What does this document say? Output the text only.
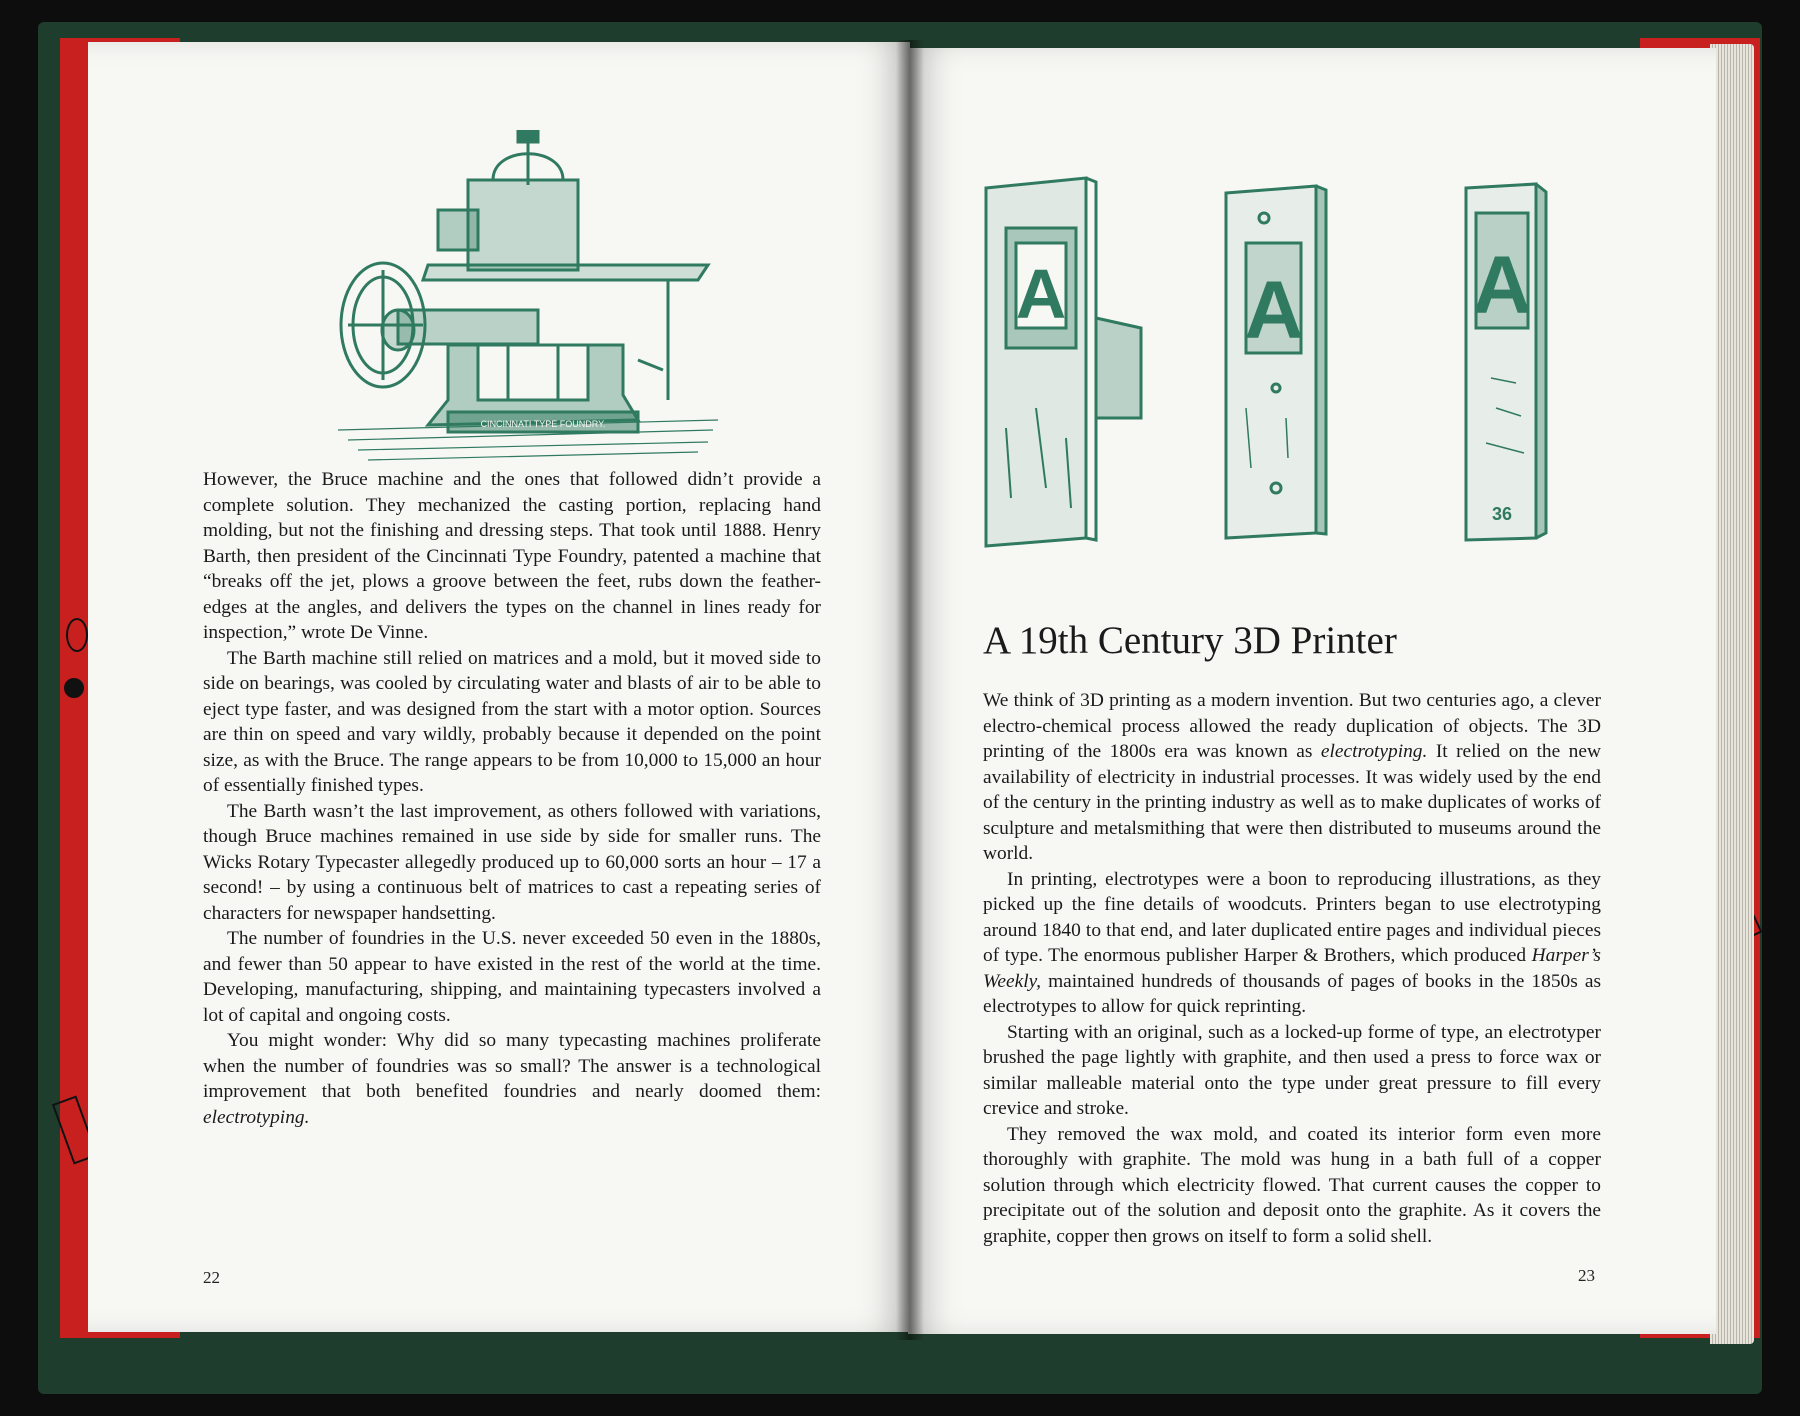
CINCINNATI TYPE FOUNDRY.

However, the Bruce machine and the ones that followed didn’t provide a complete solution. They mechanized the casting portion, replacing hand molding, but not the finishing and dressing steps. That took until 1888. Henry Barth, then president of the Cincinnati Type Foundry, patented a machine that “breaks off the jet, plows a groove between the feet, rubs down the feather-edges at the angles, and delivers the types on the channel in lines ready for inspection,” wrote De Vinne.

The Barth machine still relied on matrices and a mold, but it moved side to side on bearings, was cooled by circulating water and blasts of air to be able to eject type faster, and was designed from the start with a motor option. Sources are thin on speed and vary wildly, probably because it depended on the point size, as with the Bruce. The range appears to be from 10,000 to 15,000 an hour of essentially finished types.

The Barth wasn’t the last improvement, as others followed with variations, though Bruce machines remained in use side by side for smaller runs. The Wicks Rotary Typecaster allegedly produced up to 60,000 sorts an hour – 17 a second! – by using a continuous belt of matrices to cast a repeating series of characters for newspaper handsetting.

The number of foundries in the U.S. never exceeded 50 even in the 1880s, and fewer than 50 appear to have existed in the rest of the world at the time. Developing, manufacturing, shipping, and maintaining typecasters involved a lot of capital and ongoing costs.

You might wonder: Why did so many typecasting machines proliferate when the number of foundries was so small? The answer is a technological improvement that both benefited foundries and nearly doomed them: electrotyping.

22
A A A
36
A 19th Century 3D Printer

We think of 3D printing as a modern invention. But two centuries ago, a clever electro-chemical process allowed the ready duplication of objects. The 3D printing of the 1800s era was known as electrotyping. It relied on the new availability of electricity in industrial processes. It was widely used by the end of the century in the printing industry as well as to make duplicates of works of sculpture and metalsmithing that were then distributed to museums around the world.

In printing, electrotypes were a boon to reproducing illustrations, as they picked up the fine details of woodcuts. Printers began to use electrotyping around 1840 to that end, and later duplicated entire pages and individual pieces of type. The enormous publisher Harper & Brothers, which produced Harper’s Weekly, maintained hundreds of thousands of pages of books in the 1850s as electrotypes to allow for quick reprinting.

Starting with an original, such as a locked-up forme of type, an electrotyper brushed the page lightly with graphite, and then used a press to force wax or similar malleable material onto the type under great pressure to fill every crevice and stroke.

They removed the wax mold, and coated its interior form even more thoroughly with graphite. The mold was hung in a bath full of a copper solution through which electricity flowed. That current causes the copper to precipitate out of the solution and deposit onto the graphite. As it covers the graphite, copper then grows on itself to form a solid shell.

23
